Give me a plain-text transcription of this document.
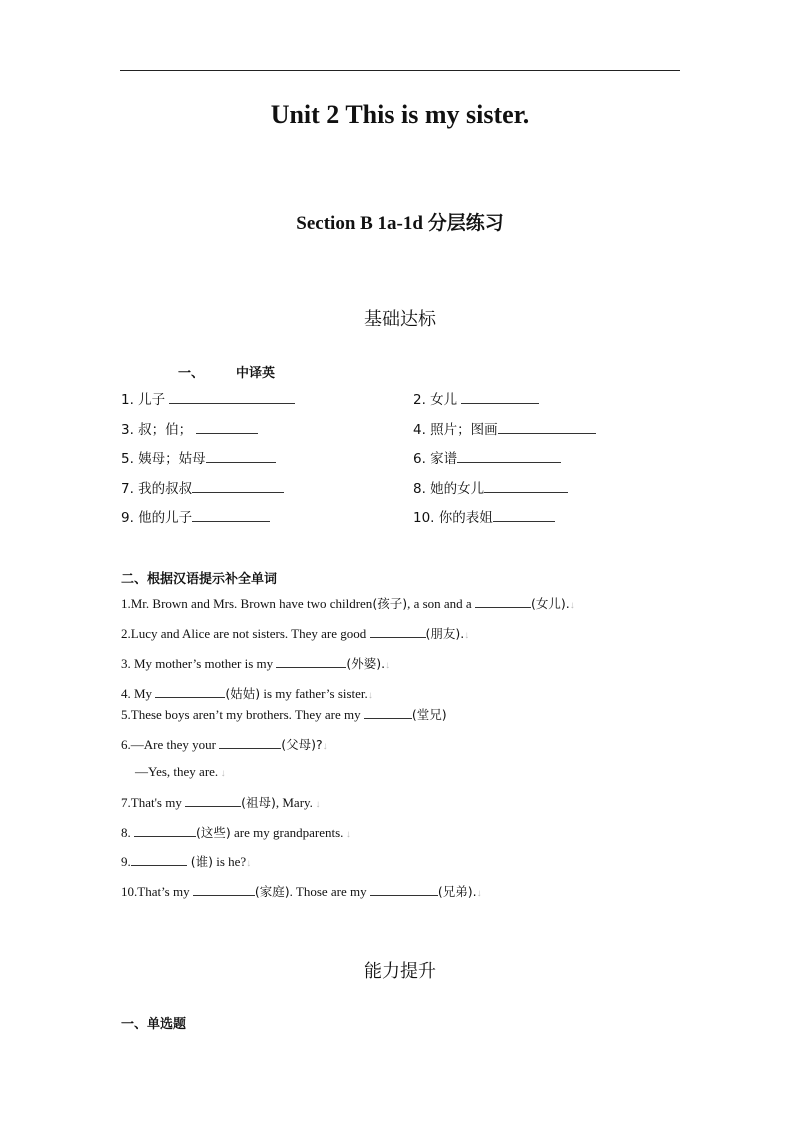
Unit 2 This is my sister.
Section B 1a-1d 分层练习
基础达标
一、 中译英
1. 儿子	2. 女儿
3. 叔；伯；	4. 照片；图画
5. 姨母；姑母	6. 家谱
7. 我的叔叔	8. 她的女儿
9. 他的儿子	10. 你的表姐
二、根据汉语提示补全单词
1.Mr. Brown and Mrs. Brown have two children(孩子), a son and a	(女儿).↓
2.Lucy and Alice are not sisters. They are good	(朋友).↓
3. My mother’s mother is my	(外婆).↓
4. My	(姑姑) is my father’s sister.↓
5.These boys aren’t my brothers. They are my	(堂兄)
6.—Are they your	(父母)?↓
—Yes, they are. ↓
7.That's my	(祖母), Mary. ↓
8.	(这些) are my grandparents. ↓
9.	(谁) is he?↓
10.That’s my	(家庭). Those are my	(兄弟).↓
能力提升
一、单选题
